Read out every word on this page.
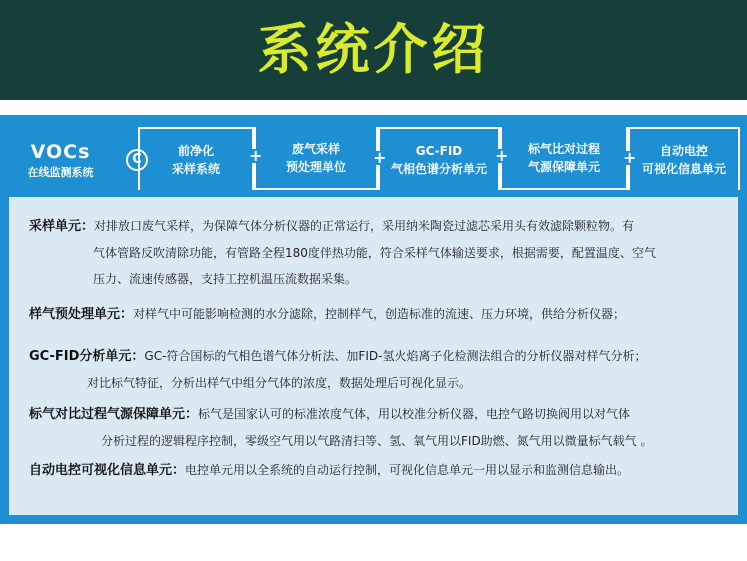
系统介绍
VOCs
在线监测系统
C
前净化
采样系统
+ 废气采样
预处理单位 + GC-FID
气相色谱分析单元
+ 标气比对过程
气源保障单元 + 自动电控
可视化信息单元
采样单元：对排放口废气采样，为保障气体分析仪器的正常运行，采用纳米陶瓷过滤芯采用头有效滤除颗粒物。有
气体管路反吹清除功能，有管路全程180度伴热功能，符合采样气体输送要求，根据需要，配置温度、空气
压力、流速传感器，支持工控机温压流数据采集。
样气预处理单元：对样气中可能影响检测的水分滤除，控制样气，创造标准的流速、压力环境，供给分析仪器；
GC-FID分析单元：GC-符合国标的气相色谱气体分析法、加FID-氢火焰离子化检测法组合的分析仪器对样气分析；
对比标气特征，分析出样气中组分气体的浓度，数据处理后可视化显示。
标气对比过程气源保障单元：标气是国家认可的标准浓度气体，用以校准分析仪器，电控气路切换阀用以对气体
分析过程的逻辑程序控制，零级空气用以气路清扫等、氢、氧气用以FID助燃、氮气用以微量标气载气 。
自动电控可视化信息单元：电控单元用以全系统的自动运行控制，可视化信息单元一用以显示和监测信息输出。
